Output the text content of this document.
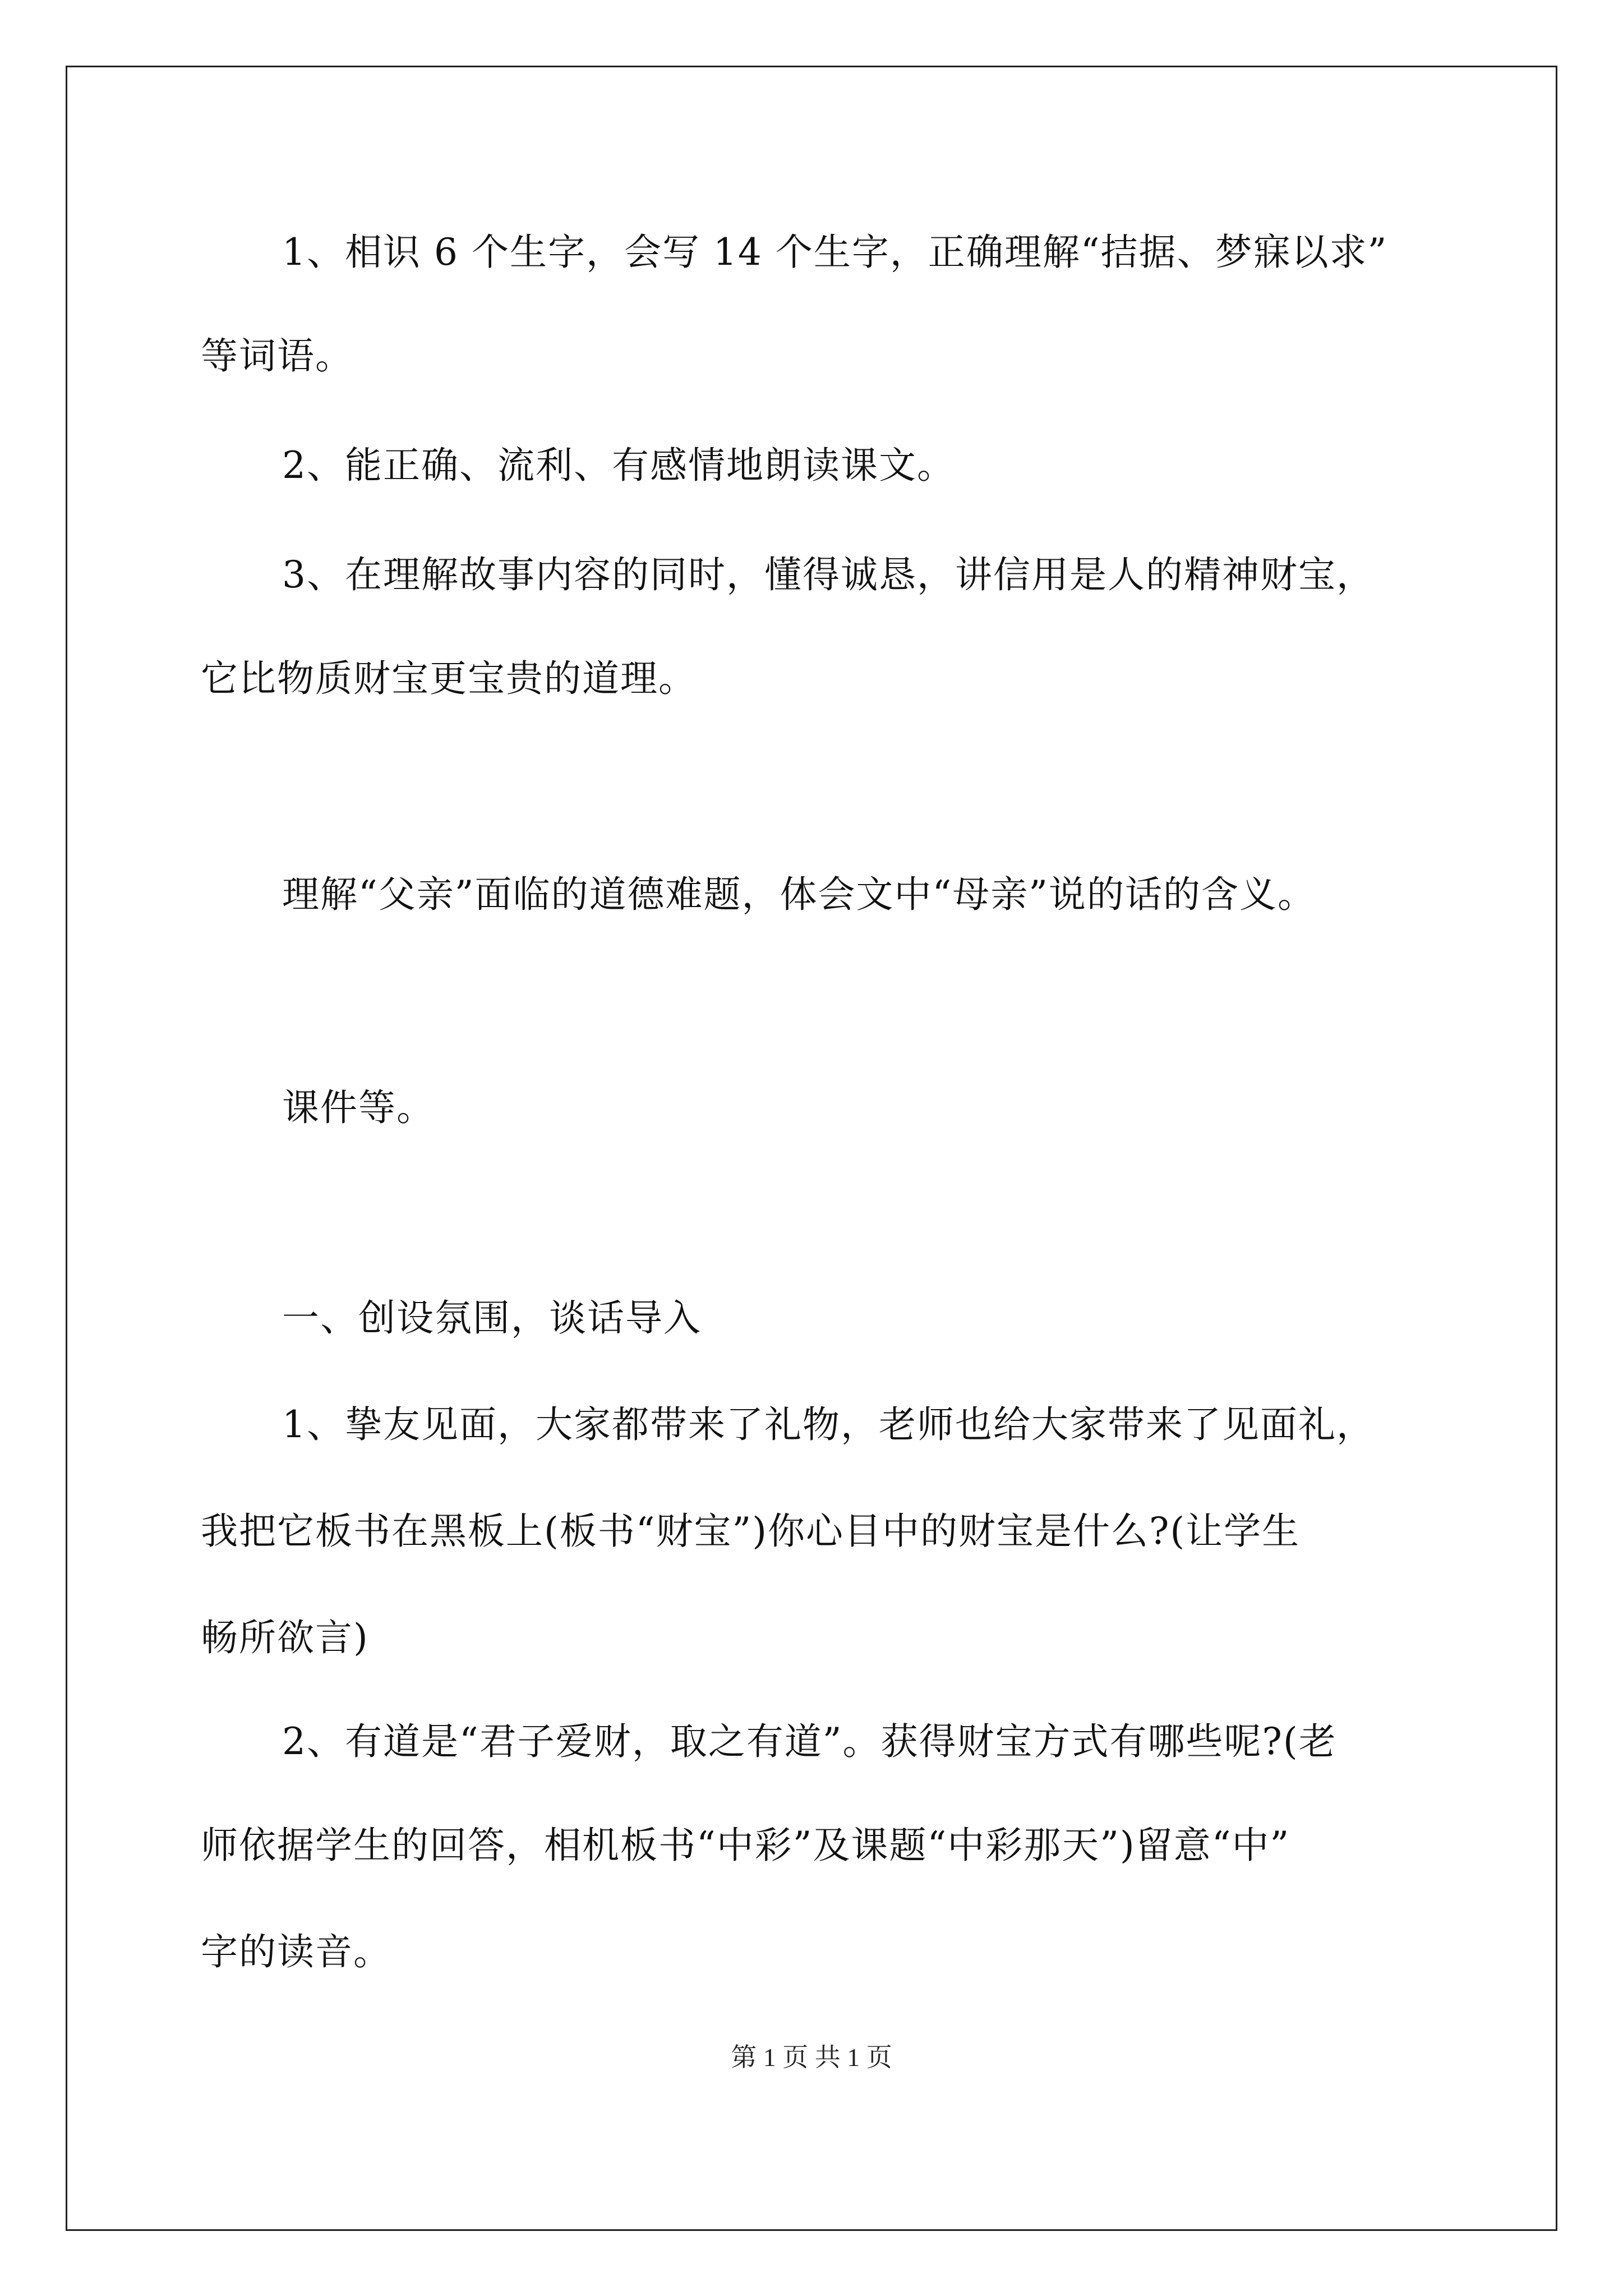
1、相识 6 个生字，会写 14 个生字，正确理解“拮据、梦寐以求”
等词语。
2、能正确、流利、有感情地朗读课文。
3、在理解故事内容的同时，懂得诚恳，讲信用是人的精神财宝，
它比物质财宝更宝贵的道理。
理解“父亲”面临的道德难题，体会文中“母亲”说的话的含义。
课件等。
一、创设氛围，谈话导入
1、挚友见面，大家都带来了礼物，老师也给大家带来了见面礼，
我把它板书在黑板上(板书“财宝”)你心目中的财宝是什么?(让学生
畅所欲言)
2、有道是“君子爱财，取之有道”。获得财宝方式有哪些呢?(老
师依据学生的回答，相机板书“中彩”及课题“中彩那天”)留意“中”
字的读音。
第 1 页 共 1 页
